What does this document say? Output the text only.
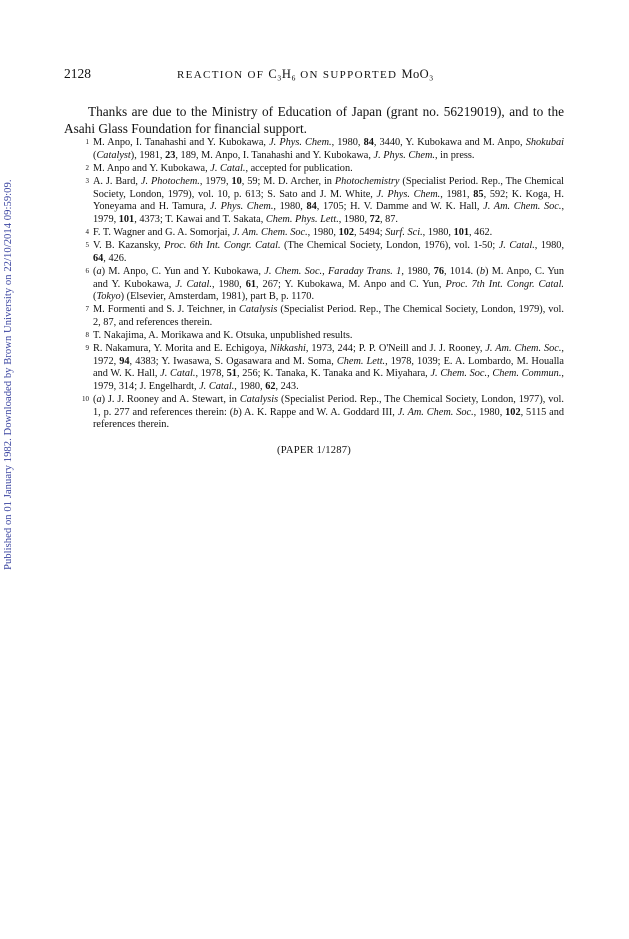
Published on 01 January 1982. Downloaded by Brown University on 22/10/2014 09:59:09.
2128	REACTION OF C₃H₆ ON SUPPORTED MoO₃

Thanks are due to the Ministry of Education of Japan (grant no. 56219019), and to the Asahi Glass Foundation for financial support.

1 M. Anpo, I. Tanahashi and Y. Kubokawa, J. Phys. Chem., 1980, 84, 3440, Y. Kubokawa and M. Anpo, Shokubai (Catalyst), 1981, 23, 189, M. Anpo, I. Tanahashi and Y. Kubokawa, J. Phys. Chem., in press.
2 M. Anpo and Y. Kubokawa, J. Catal., accepted for publication.
3 A. J. Bard, J. Photochem., 1979, 10, 59; M. D. Archer, in Photochemistry (Specialist Period. Rep., The Chemical Society, London, 1979), vol. 10, p. 613; S. Sato and J. M. White, J. Phys. Chem., 1981, 85, 592; K. Koga, H. Yoneyama and H. Tamura, J. Phys. Chem., 1980, 84, 1705; H. V. Damme and W. K. Hall, J. Am. Chem. Soc., 1979, 101, 4373; T. Kawai and T. Sakata, Chem. Phys. Lett., 1980, 72, 87.
4 F. T. Wagner and G. A. Somorjai, J. Am. Chem. Soc., 1980, 102, 5494; Surf. Sci., 1980, 101, 462.
5 V. B. Kazansky, Proc. 6th Int. Congr. Catal. (The Chemical Society, London, 1976), vol. 1-50; J. Catal., 1980, 64, 426.
6 (a) M. Anpo, C. Yun and Y. Kubokawa, J. Chem. Soc., Faraday Trans. 1, 1980, 76, 1014. (b) M. Anpo, C. Yun and Y. Kubokawa, J. Catal., 1980, 61, 267; Y. Kubokawa, M. Anpo and C. Yun, Proc. 7th Int. Congr. Catal. (Tokyo) (Elsevier, Amsterdam, 1981), part B, p. 1170.
7 M. Formenti and S. J. Teichner, in Catalysis (Specialist Period. Rep., The Chemical Society, London, 1979), vol. 2, 87, and references therein.
8 T. Nakajima, A. Morikawa and K. Otsuka, unpublished results.
9 R. Nakamura, Y. Morita and E. Echigoya, Nikkashi, 1973, 244; P. P. O'Neill and J. J. Rooney, J. Am. Chem. Soc., 1972, 94, 4383; Y. Iwasawa, S. Ogasawara and M. Soma, Chem. Lett., 1978, 1039; E. A. Lombardo, M. Houalla and W. K. Hall, J. Catal., 1978, 51, 256; K. Tanaka, K. Tanaka and K. Miyahara, J. Chem. Soc., Chem. Commun., 1979, 314; J. Engelhardt, J. Catal., 1980, 62, 243.
10 (a) J. J. Rooney and A. Stewart, in Catalysis (Specialist Period. Rep., The Chemical Society, London, 1977), vol. 1, p. 277 and references therein: (b) A. K. Rappe and W. A. Goddard III, J. Am. Chem. Soc., 1980, 102, 5115 and references therein.
(PAPER 1/1287)
